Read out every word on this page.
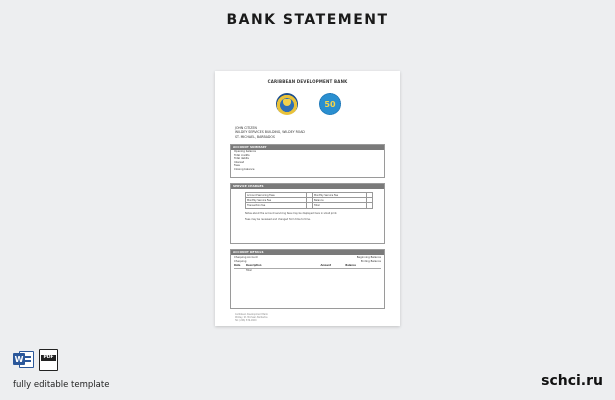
BANK STATEMENT
CARIBBEAN DEVELOPMENT BANK
50
JOHN CITIZEN
WILDEY SERVICES BUILDING, WILDEY ROAD
ST. MICHAEL, BARBADOS
ACCOUNT SUMMARY
Opening balance
Total credits
Total debits
Interest
Fees
Closing balance
SERVICE CHARGES
Account Servicing Fees		Monthly Service Fee	
Monthly Service Fee		Balance	
Transaction fee		Total	

Notes about the account servicing fees may be displayed here in small print.

Fees may be reviewed and changed from time to time.

ACCOUNT DETAILS
Chequing Account	Beginning Balance
Chequing	Ending Balance
Date	Description	Amount	Balance
Total
Caribbean Development Bank
Wildey, St. Michael, Barbados
Tel: (246) 539-1600
W	PDF
fully editable template	schci.ru
